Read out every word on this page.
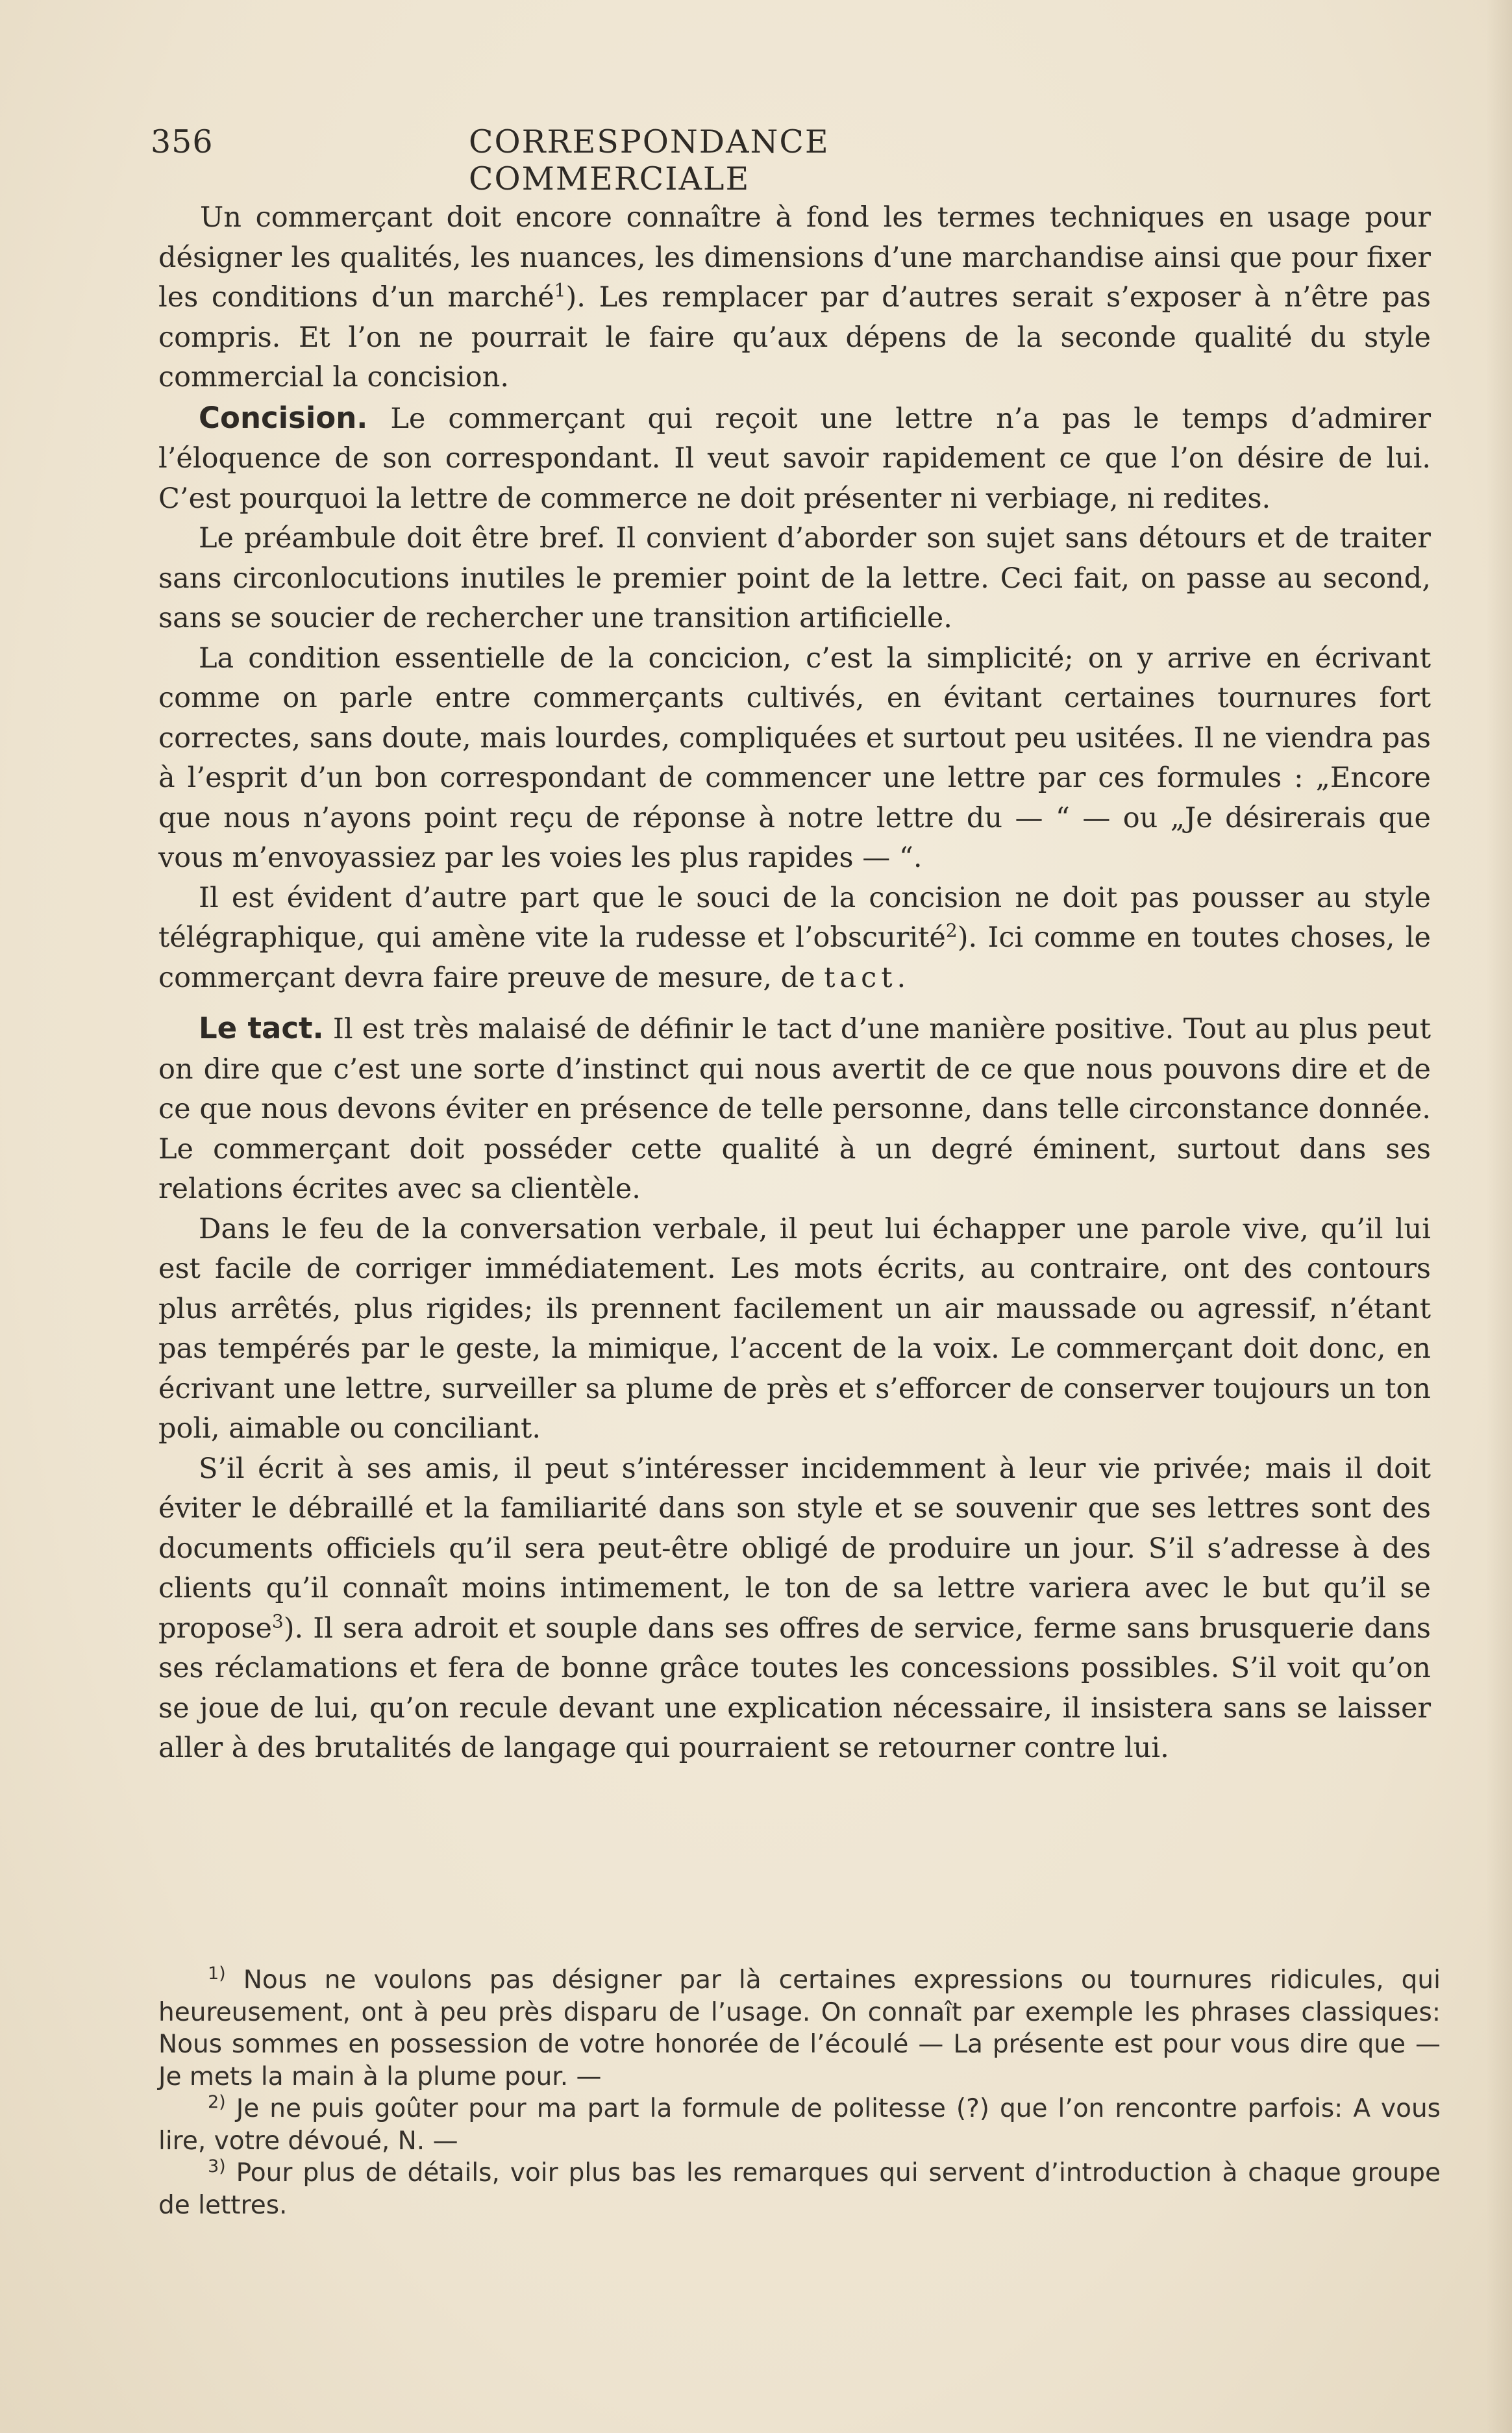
356	CORRESPONDANCE COMMERCIALE

Un commerçant doit encore connaître à fond les termes techniques en usage pour désigner les qualités, les nuances, les dimensions d’une marchandise ainsi que pour fixer les conditions d’un marché$^1$). Les remplacer par d’autres serait s’exposer à n’être pas compris. Et l’on ne pourrait le faire qu’aux dépens de la seconde qualité du style commercial la concision.

Concision. Le commerçant qui reçoit une lettre n’a pas le temps d’admirer l’éloquence de son correspondant. Il veut savoir rapidement ce que l’on désire de lui. C’est pourquoi la lettre de commerce ne doit présenter ni verbiage, ni redites.

Le préambule doit être bref. Il convient d’aborder son sujet sans détours et de traiter sans circonlocutions inutiles le premier point de la lettre. Ceci fait, on passe au second, sans se soucier de rechercher une transition artificielle.

La condition essentielle de la concicion, c’est la simplicité; on y arrive en écrivant comme on parle entre commerçants cultivés, en évitant certaines tournures fort correctes, sans doute, mais lourdes, compliquées et surtout peu usitées. Il ne viendra pas à l’esprit d’un bon correspondant de commencer une lettre par ces formules : „Encore que nous n’ayons point reçu de réponse à notre lettre du — “ — ou „Je désirerais que vous m’envoyassiez par les voies les plus rapides — “.

Il est évident d’autre part que le souci de la concision ne doit pas pousser au style télégraphique, qui amène vite la rudesse et l’obscurité$^2$). Ici comme en toutes choses, le commerçant devra faire preuve de mesure, de tact.

Le tact. Il est très malaisé de définir le tact d’une manière positive. Tout au plus peut on dire que c’est une sorte d’instinct qui nous avertit de ce que nous pouvons dire et de ce que nous devons éviter en présence de telle personne, dans telle circonstance donnée. Le commerçant doit posséder cette qualité à un degré éminent, surtout dans ses relations écrites avec sa clientèle.

Dans le feu de la conversation verbale, il peut lui échapper une parole vive, qu’il lui est facile de corriger immédiatement. Les mots écrits, au contraire, ont des contours plus arrêtés, plus rigides; ils prennent facilement un air maussade ou agressif, n’étant pas tempérés par le geste, la mimique, l’accent de la voix. Le commerçant doit donc, en écrivant une lettre, surveiller sa plume de près et s’efforcer de conserver toujours un ton poli, aimable ou conciliant.

S’il écrit à ses amis, il peut s’intéresser incidemment à leur vie privée; mais il doit éviter le débraillé et la familiarité dans son style et se souvenir que ses lettres sont des documents officiels qu’il sera peut-être obligé de produire un jour. S’il s’adresse à des clients qu’il connaît moins intimement, le ton de sa lettre variera avec le but qu’il se propose$^3$). Il sera adroit et souple dans ses offres de service, ferme sans brusquerie dans ses réclamations et fera de bonne grâce toutes les concessions possibles. S’il voit qu’on se joue de lui, qu’on recule devant une explication nécessaire, il insistera sans se laisser aller à des brutalités de langage qui pourraient se retourner contre lui.

$^{1)}$ Nous ne voulons pas désigner par là certaines expressions ou tournures ridicules, qui heureusement, ont à peu près disparu de l’usage. On connaît par exemple les phrases classiques: Nous sommes en possession de votre honorée de l’écoulé — La présente est pour vous dire que — Je mets la main à la plume pour. —

$^{2)}$ Je ne puis goûter pour ma part la formule de politesse (?) que l’on rencontre parfois: A vous lire, votre dévoué, N. —

$^{3)}$ Pour plus de détails, voir plus bas les remarques qui servent d’introduction à chaque groupe de lettres.
